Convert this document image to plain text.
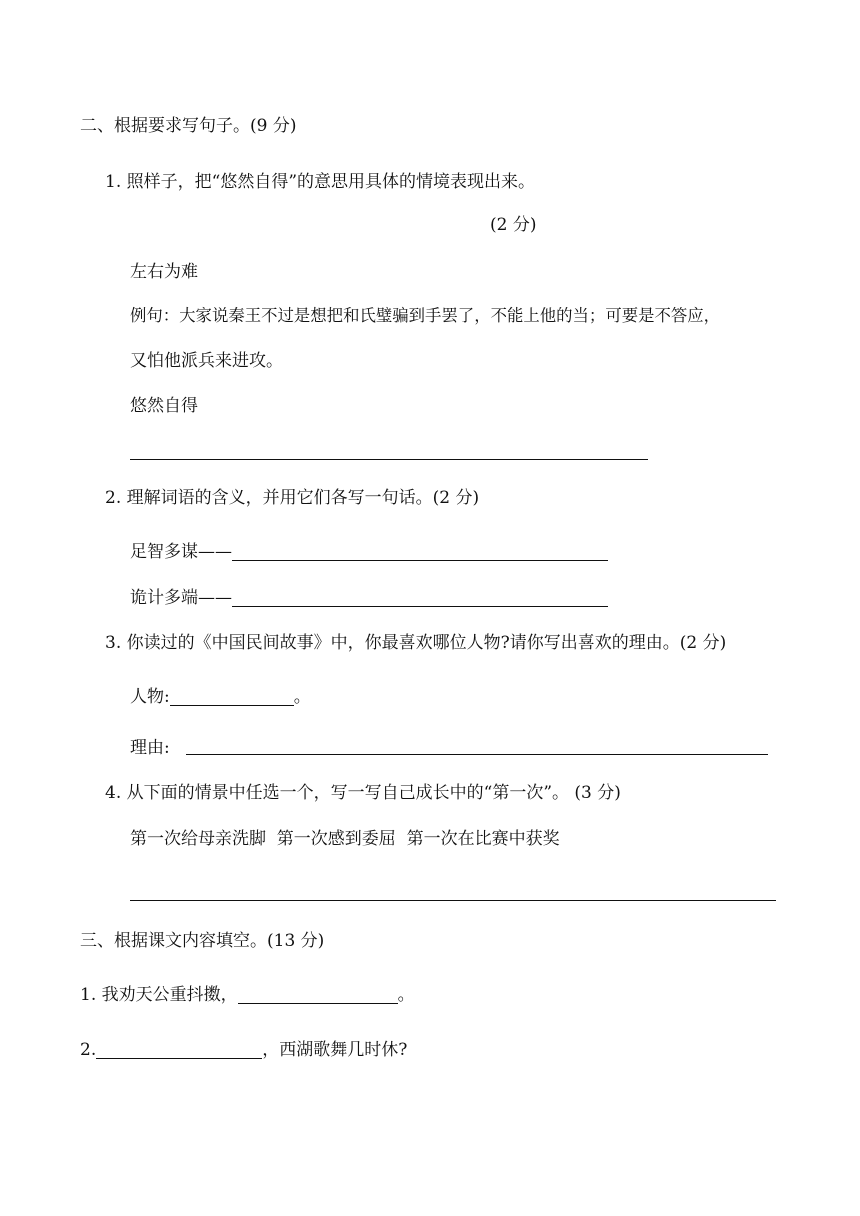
二、根据要求写句子。(9 分)
1. 照样子，把“悠然自得”的意思用具体的情境表现出来。
(2 分)
左右为难
例句：大家说秦王不过是想把和氏璧骗到手罢了，不能上他的当；可要是不答应，
又怕他派兵来进攻。
悠然自得
2. 理解词语的含义，并用它们各写一句话。(2 分)
足智多谋——
诡计多端——
3. 你读过的《中国民间故事》中，你最喜欢哪位人物?请你写出喜欢的理由。(2 分)
人物:	。
理由:
4. 从下面的情景中任选一个，写一写自己成长中的“第一次”。 (3 分)
第一次给母亲洗脚  第一次感到委屈  第一次在比赛中获奖
三、根据课文内容填空。(13 分)
1. 我劝天公重抖擞，	。
2.	，西湖歌舞几时休?
